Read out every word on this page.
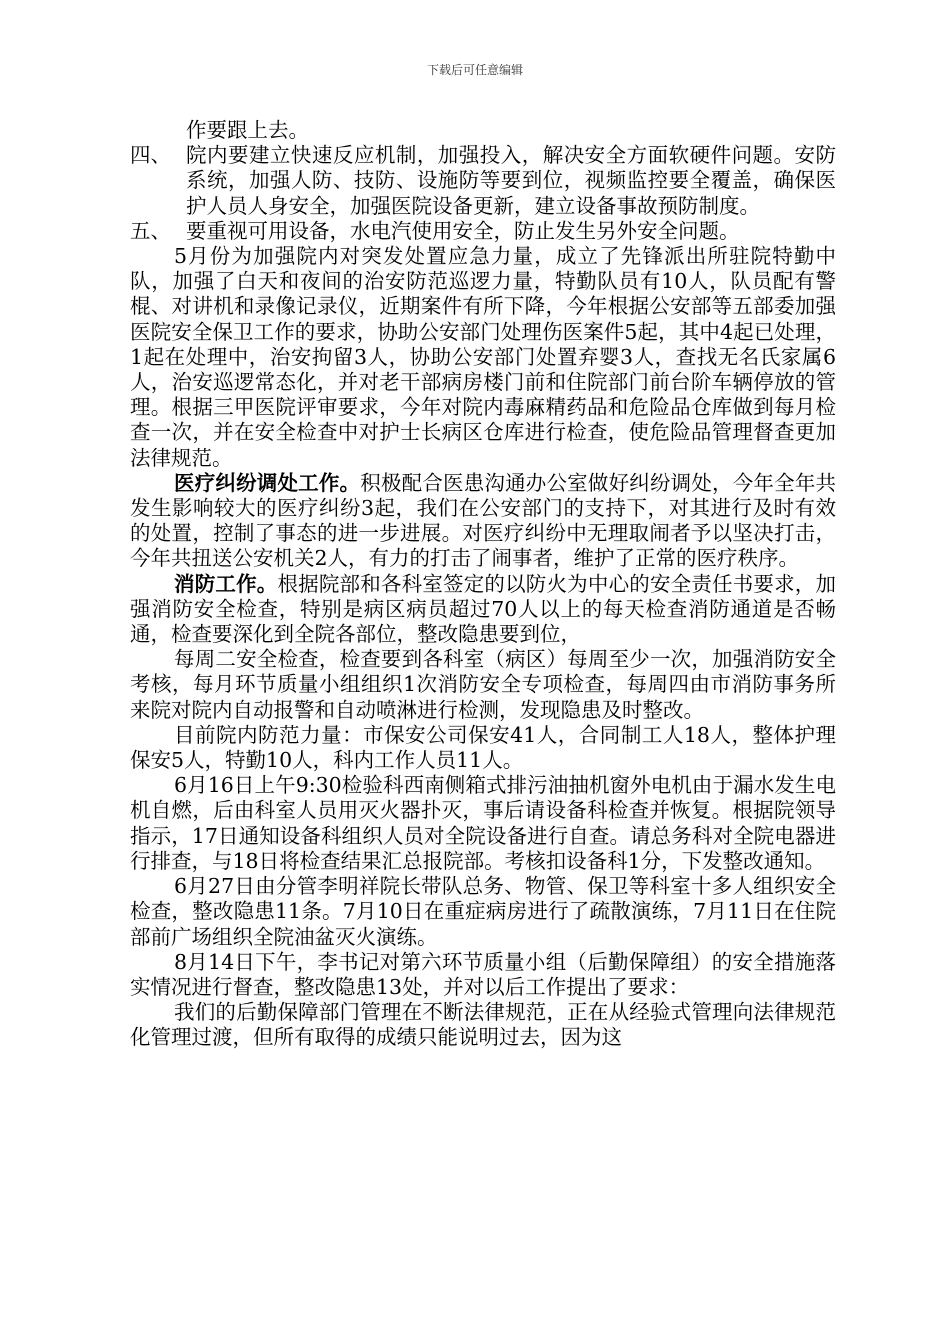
下载后可任意编辑

作要跟上去。

四、 院内要建立快速反应机制，加强投入，解决安全方面软硬件问题。安防系统，加强人防、技防、设施防等要到位，视频监控要全覆盖，确保医护人员人身安全，加强医院设备更新，建立设备事故预防制度。
五、 要重视可用设备，水电汽使用安全，防止发生另外安全问题。

5月份为加强院内对突发处置应急力量，成立了先锋派出所驻院特勤中队，加强了白天和夜间的治安防范巡逻力量，特勤队员有10人，队员配有警棍、对讲机和录像记录仪，近期案件有所下降，今年根据公安部等五部委加强医院安全保卫工作的要求，协助公安部门处理伤医案件5起，其中4起已处理，1起在处理中，治安拘留3人，协助公安部门处置弃婴3人，查找无名氏家属6人，治安巡逻常态化，并对老干部病房楼门前和住院部门前台阶车辆停放的管理。根据三甲医院评审要求，今年对院内毒麻精药品和危险品仓库做到每月检查一次，并在安全检查中对护士长病区仓库进行检查，使危险品管理督查更加法律规范。

医疗纠纷调处工作。积极配合医患沟通办公室做好纠纷调处，今年全年共发生影响较大的医疗纠纷3起，我们在公安部门的支持下，对其进行及时有效的处置，控制了事态的进一步进展。对医疗纠纷中无理取闹者予以坚决打击，今年共扭送公安机关2人，有力的打击了闹事者，维护了正常的医疗秩序。

消防工作。根据院部和各科室签定的以防火为中心的安全责任书要求，加强消防安全检查，特别是病区病员超过70人以上的每天检查消防通道是否畅通，检查要深化到全院各部位，整改隐患要到位，

每周二安全检查，检查要到各科室（病区）每周至少一次，加强消防安全考核，每月环节质量小组组织1次消防安全专项检查，每周四由市消防事务所来院对院内自动报警和自动喷淋进行检测，发现隐患及时整改。

目前院内防范力量：市保安公司保安41人，合同制工人18人，整体护理保安5人，特勤10人，科内工作人员11人。

6月16日上午9:30检验科西南侧箱式排污油抽机窗外电机由于漏水发生电机自燃，后由科室人员用灭火器扑灭，事后请设备科检查并恢复。根据院领导指示，17日通知设备科组织人员对全院设备进行自查。请总务科对全院电器进行排查，与18日将检查结果汇总报院部。考核扣设备科1分，下发整改通知。

6月27日由分管李明祥院长带队总务、物管、保卫等科室十多人组织安全检查，整改隐患11条。7月10日在重症病房进行了疏散演练，7月11日在住院部前广场组织全院油盆灭火演练。

8月14日下午，李书记对第六环节质量小组（后勤保障组）的安全措施落实情况进行督查，整改隐患13处，并对以后工作提出了要求：

我们的后勤保障部门管理在不断法律规范，正在从经验式管理向法律规范化管理过渡，但所有取得的成绩只能说明过去，因为这
